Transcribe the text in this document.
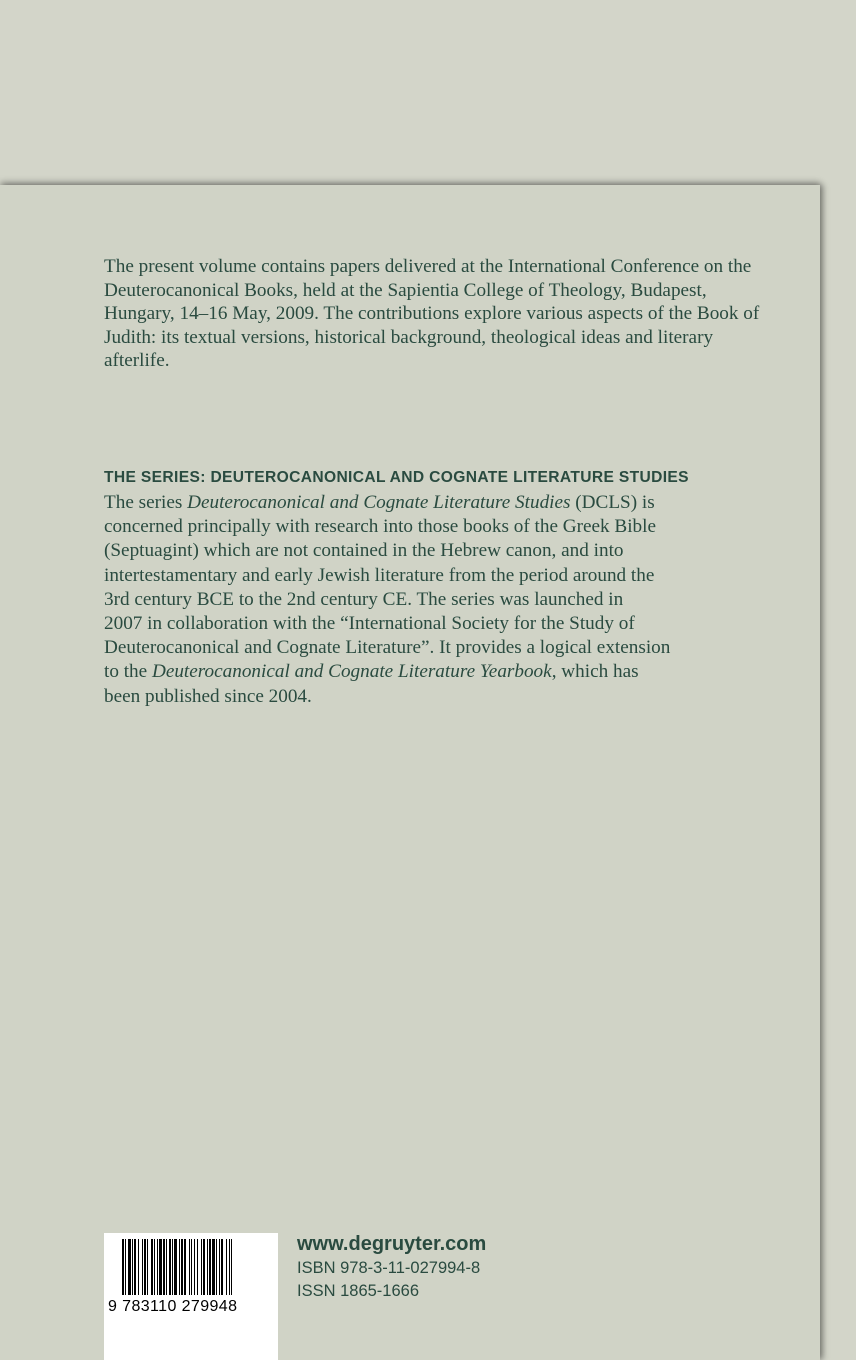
The present volume contains papers delivered at the International Conference on the Deuterocanonical Books, held at the Sapientia College of Theology, Budapest, Hungary, 14–16 May, 2009. The contributions explore various aspects of the Book of Judith: its textual versions, historical background, theological ideas and literary afterlife.

THE SERIES: DEUTEROCANONICAL AND COGNATE LITERATURE STUDIES
The series Deuterocanonical and Cognate Literature Studies (DCLS) is
concerned principally with research into those books of the Greek Bible
(Septuagint) which are not contained in the Hebrew canon, and into
intertestamentary and early Jewish literature from the period around the
3rd century BCE to the 2nd century CE. The series was launched in
2007 in collaboration with the “International Society for the Study of
Deuterocanonical and Cognate Literature”. It provides a logical extension
to the Deuterocanonical and Cognate Literature Yearbook, which has
been published since 2004.
9 783110 279948
www.degruyter.com
ISBN 978-3-11-027994-8
ISSN 1865-1666
